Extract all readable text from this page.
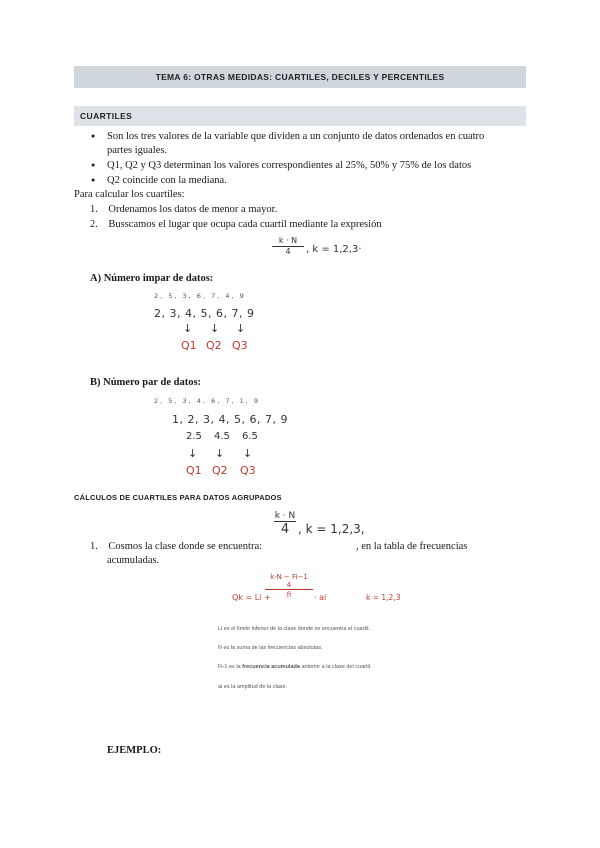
TEMA 6: OTRAS MEDIDAS: CUARTILES, DECILES Y PERCENTILES
CUARTILES
● Son los tres valores de la variable que dividen a un conjunto de datos ordenados en cuatro
partes iguales.
● Q1, Q2 y Q3 determinan los valores correspondientes al 25%, 50% y 75% de los datos
● Q2 coincide con la mediana.
Para calcular los cuartiles:
1. Ordenamos los datos de menor a mayor.
2. Busscamos el lugar que ocupa cada cuartil mediante la expresión
$\frac{k \cdot N}{4}$ , k = 1,2,3·
A) Número impar de datos:
2, 5, 3, 6, 7, 4, 9
2, 3, 4, 5, 6, 7, 9
↓ ↓ ↓
Q1 Q2 Q3
B) Número par de datos:
2, 5, 3, 4, 6, 7, 1, 9
1, 2, 3, 4, 5, 6, 7, 9
2.5 4.5 6.5
↓ ↓ ↓
Q1 Q2 Q3
CÁLCULOS DE CUARTILES PARA DATOS AGRUPADOS
k · N
4 , k = 1,2,3,
1. Cosmos la clase donde se encuentra:	, en la tabla de frecuencias
acumuladas.
Qk = Li +
k·N − Fi−1
4
fi	· ai	k = 1,2,3
Li es el límite inferior de la clase donde se encuentra el cuartil.
N es la suma de las frecuencias absolutas.
Fi-1 es la frecuencia acumulada anterior a la clase del cuartil.
ai es la amplitud de la clase.
EJEMPLO:
